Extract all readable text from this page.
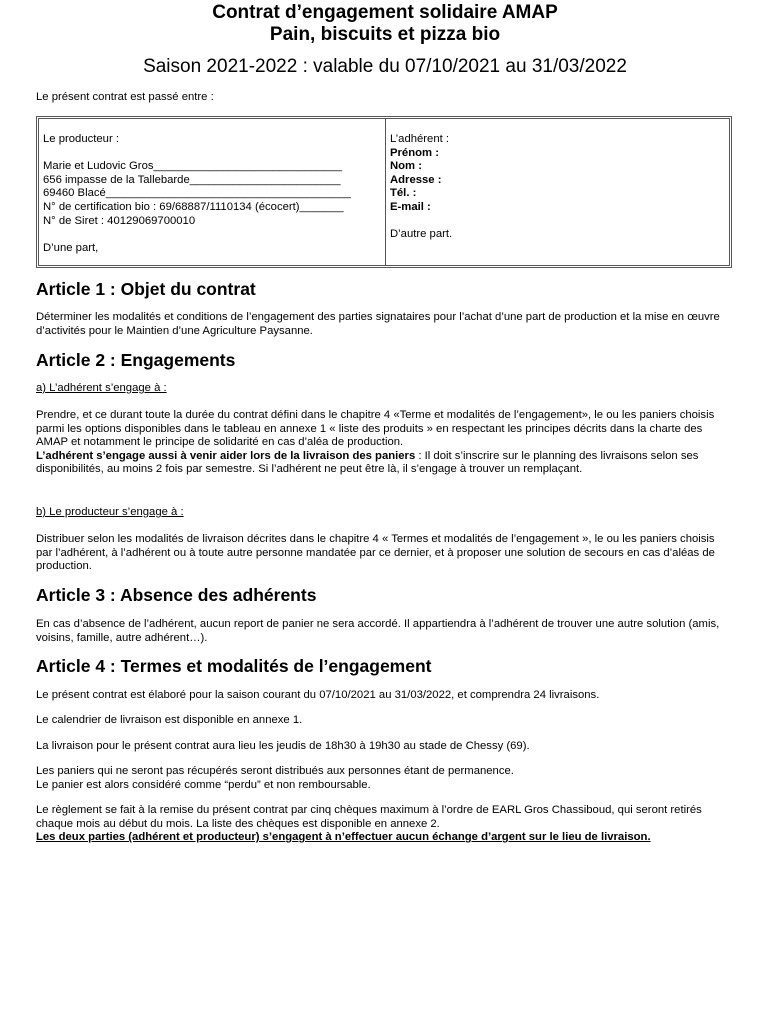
Contrat d’engagement solidaire AMAP

Pain, biscuits et pizza bio

Saison 2021-2022 : valable du 07/10/2021 au 31/03/2022

Le présent contrat est passé entre :

Le producteur :
Marie et Ludovic Gros______________________________
656 impasse de la Tallebarde________________________
69460 Blacé_______________________________________
N° de certification bio : 69/68887/1110134 (écocert)_______
N° de Siret : 40129069700010
D’une part,
L’adhérent :
Prénom :
Nom :
Adresse :
Tél. :
E-mail :
D’autre part.

Article 1 : Objet du contrat

Déterminer les modalités et conditions de l’engagement des parties signataires pour l’achat d’une part de production et la mise en œuvre d’activités pour le Maintien d’une Agriculture Paysanne.

Article 2 : Engagements

a) L’adhérent s’engage à :

Prendre, et ce durant toute la durée du contrat défini dans le chapitre 4 «Terme et modalités de l’engagement», le ou les paniers choisis parmi les options disponibles dans le tableau en annexe 1 « liste des produits » en respectant les principes décrits dans la charte des AMAP et notamment le principe de solidarité en cas d’aléa de production.
L’adhérent s’engage aussi à venir aider lors de la livraison des paniers : Il doit s’inscrire sur le planning des livraisons selon ses disponibilités, au moins 2 fois par semestre. Si l’adhérent ne peut être là, il s’engage à trouver un remplaçant.

b) Le producteur s’engage à :

Distribuer selon les modalités de livraison décrites dans le chapitre 4 « Termes et modalités de l’engagement », le ou les paniers choisis par l’adhérent, à l’adhérent ou à toute autre personne mandatée par ce dernier, et à proposer une solution de secours en cas d’aléas de production.

Article 3 : Absence des adhérents

En cas d’absence de l’adhérent, aucun report de panier ne sera accordé. Il appartiendra à l’adhérent de trouver une autre solution (amis, voisins, famille, autre adhérent…).

Article 4 : Termes et modalités de l’engagement

Le présent contrat est élaboré pour la saison courant du 07/10/2021 au 31/03/2022, et comprendra 24 livraisons.

Le calendrier de livraison est disponible en annexe 1.

La livraison pour le présent contrat aura lieu les jeudis de 18h30 à 19h30 au stade de Chessy (69).

Les paniers qui ne seront pas récupérés seront distribués aux personnes étant de permanence.
Le panier est alors considéré comme “perdu” et non remboursable.

Le règlement se fait à la remise du présent contrat par cinq chèques maximum à l’ordre de EARL Gros Chassiboud, qui seront retirés chaque mois au début du mois. La liste des chèques est disponible en annexe 2.
Les deux parties (adhérent et producteur) s’engagent à n’effectuer aucun échange d’argent sur le lieu de livraison.
